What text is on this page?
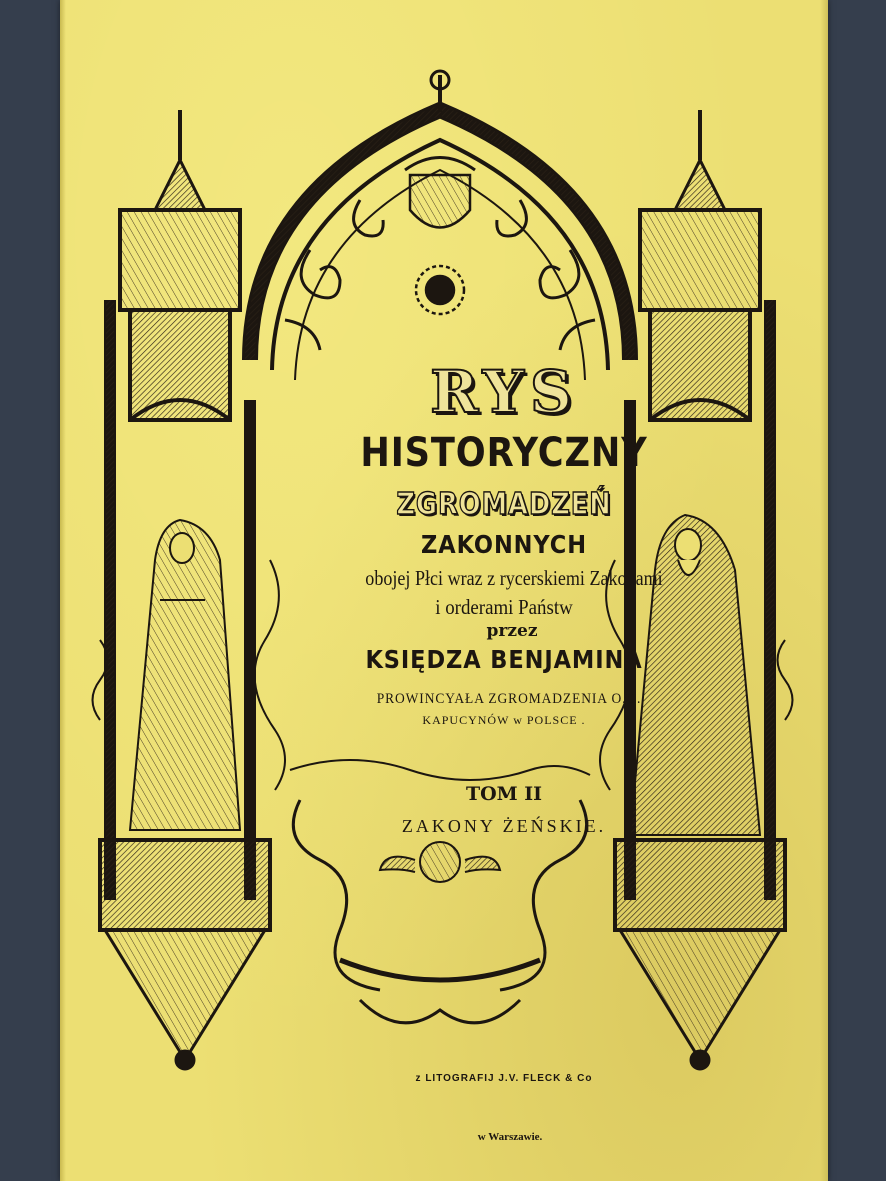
RYS
HISTORYCZNY
ZGROMADZEŃ
ZAKONNYCH
obojej Płci wraz z rycerskiemi Zakonami
i orderami Państw
przez
KSIĘDZA BENJAMINA
PROWINCYAŁA ZGROMADZENIA O.O.
KAPUCYNÓW w POLSCE .
TOM II
ZAKONY ŻEŃSKIE.
z LITOGRAFIJ J.V. FLECK & Co
w Warszawie.
